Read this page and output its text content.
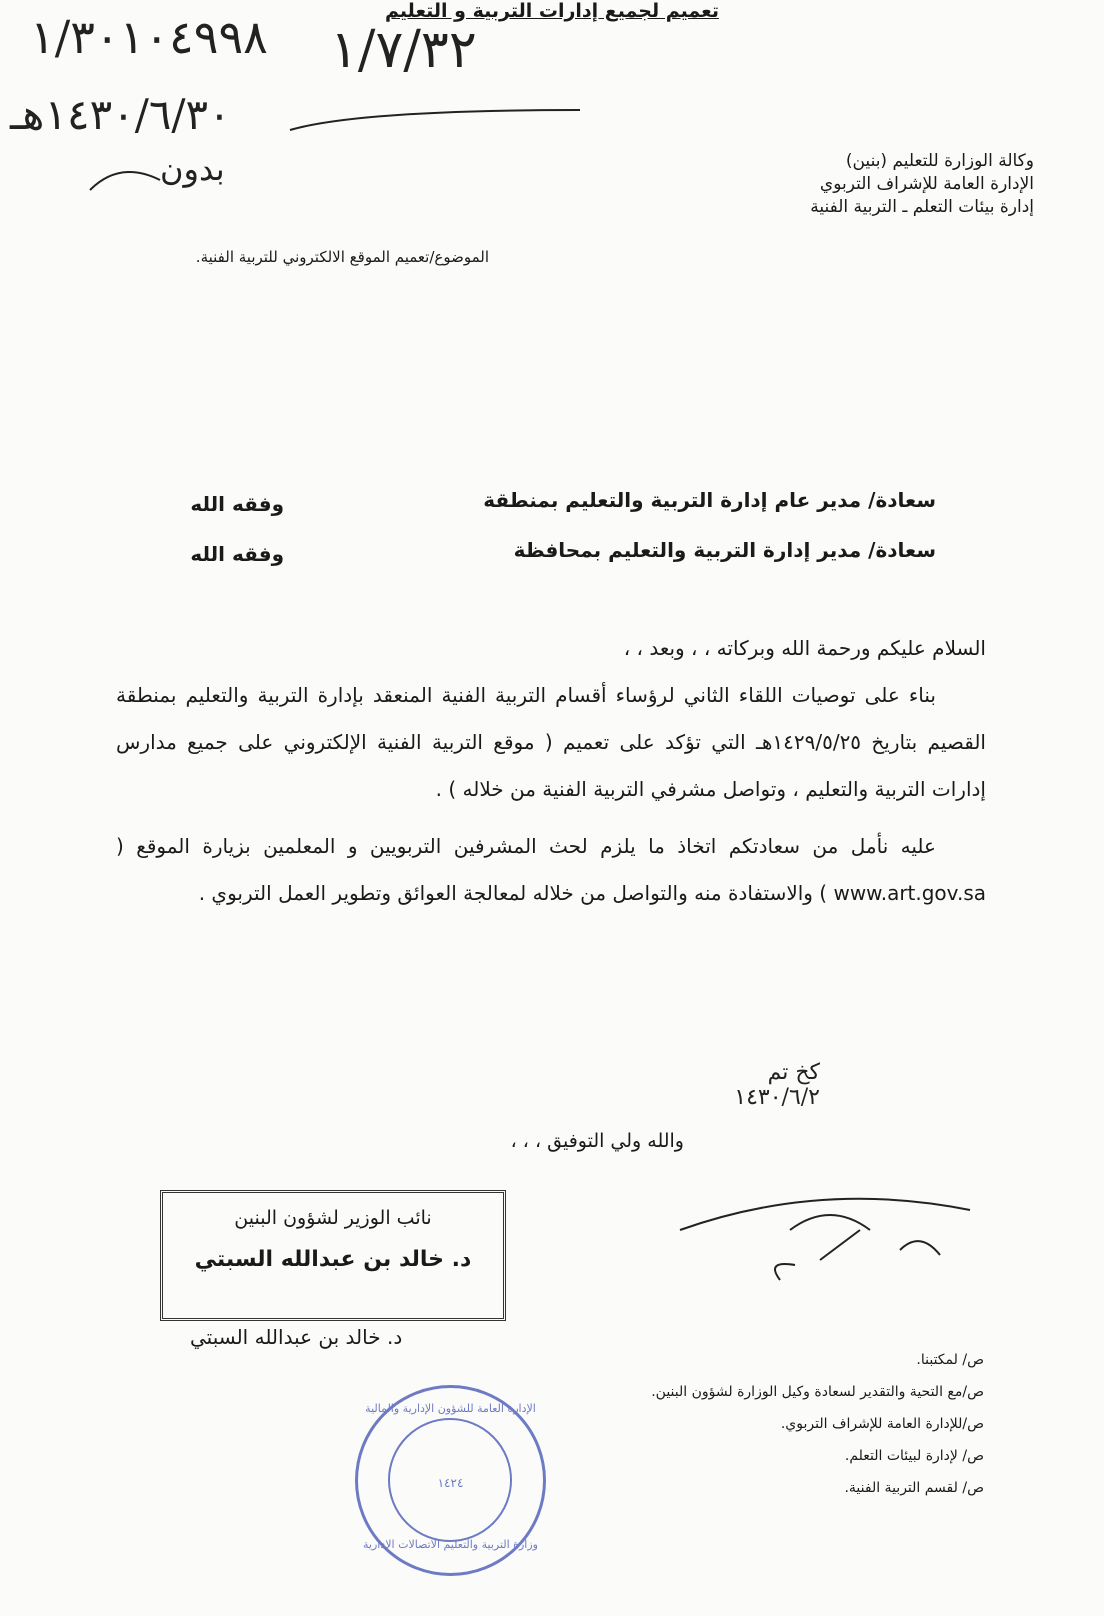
١/٣٠١٠٤٩٩٨ ١/٧/٣٢
١٤٣٠/٦/٣٠هـ
بدون	وكالة الوزارة للتعليم (بنين)
الإدارة العامة للإشراف التربوي
إدارة بيئات التعلم ـ التربية الفنية
الموضوع/تعميم الموقع الالكتروني للتربية الفنية.
تعميم لجميع إدارات التربية و التعليم
سعادة/ مدير عام إدارة التربية والتعليم بمنطقة
وفقه الله
سعادة/ مدير إدارة التربية والتعليم بمحافظة
وفقه الله

السلام عليكم ورحمة الله وبركاته ، ، وبعد ، ،

بناء على توصيات اللقاء الثاني لرؤساء أقسام التربية الفنية المنعقد بإدارة التربية والتعليم بمنطقة القصيم بتاريخ ١٤٢٩/٥/٢٥هـ التي تؤكد على تعميم ( موقع التربية الفنية الإلكتروني على جميع مدارس إدارات التربية والتعليم ، وتواصل مشرفي التربية الفنية من خلاله ) .

عليه نأمل من سعادتكم اتخاذ ما يلزم لحث المشرفين التربويين و المعلمين بزيارة الموقع ( www.art.gov.sa ) والاستفادة منه والتواصل من خلاله لمعالجة العوائق وتطوير العمل التربوي .

والله ولي التوفيق ، ، ،
كخ تم ١٤٣٠/٦/٢
نائب الوزير لشؤون البنين
د. خالد بن عبدالله السبتي
د. خالد بن عبدالله السبتي
ص/ لمكتبنا.
ص/مع التحية والتقدير لسعادة وكيل الوزارة لشؤون البنين.
ص/للإدارة العامة للإشراف التربوي.
ص/ لإدارة لبيئات التعلم.
ص/ لقسم التربية الفنية.
الإدارة العامة للشؤون الإدارية والمالية
١٤٢٤
وزارة التربية والتعليم الاتصالات الإدارية
